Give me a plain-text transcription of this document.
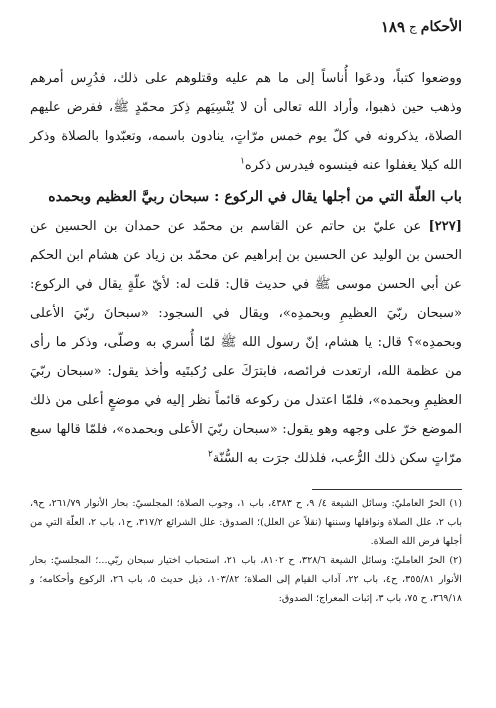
الأحكام
ج
١٨٩

ووضعوا كتباً، ودعَوا أُناساً إلى ما هم عليه وقتلوهم على ذلك، فدُرِس أمرهم وذهب حين ذهبوا، وأراد الله تعالى أن لا يُنْسِيَهم ذِكرَ محمّدٍ ﷺ، ففرض عليهم الصلاة، يذكرونه في كلّ يوم خمس مرّاتٍ، ينادون باسمه، وتعبّدوا بالصلاة وذكر الله كيلا يغفلوا عنه فينسوه فيدرس ذكره$^١$

باب العلّة التي من أجلها يقال في الركوع : سبحان ربيَّ العظيم وبحمده

[٢٢٧] عن عليّ بن حاتم عن القاسم بن محمّد عن حمدان بن الحسين عن الحسن بن الوليد عن الحسين بن إبراهيم عن محمّد بن زياد عن هشام ابن الحكم عن أبي الحسن موسى ﷺ في حديث قال: قلت له: لأيّ علّةٍ يقال في الركوع: «سبحان ربّيَ العظيمِ وبحمدِه»، ويقال في السجود: «سبحانَ ربّيَ الأعلى وبحمدِه»؟ قال: يا هشام، إنّ رسول الله ﷺ لمّا أُسري به وصلّى، وذكر ما رأى من عظمة الله، ارتعدت فرائصه، فابترَكَ على رُكبتَيه وأخذ يقول: «سبحان ربّيَ العظيمِ وبحمده»، فلمّا اعتدل من ركوعه قائماً نظر إليه في موضعٍ أعلى من ذلك الموضع خرّ على وجهه وهو يقول: «سبحان ربّيَ الأعلى وبحمده»، فلمّا قالها سبع مرّاتٍ سكن ذلك الرُّعب، فلذلك جرَت به السُّنّة$^٢$

(١) الحرّ العامليّ: وسائل الشيعة ٤/ ٩، ح ٤٣٨٣، باب ١، وجوب الصلاة؛ المجلسيّ: بحار الأنوار ٢٦١/٧٩، ح٩، باب ٢، علل الصلاة ونوافلها وسننها (نقلاً عن العلل)؛ الصدوق: علل الشرائع ٣١٧/٢، ح١، باب ٢، العلّة التي من أجلها فرض الله الصلاة.

(٢) الحرّ العامليّ: وسائل الشيعة ٣٢٨/٦، ح ٨١٠٢، باب ٢١، استحباب اختيار سبحان ربّي...؛ المجلسيّ: بحار الأنوار ٣٥٥/٨١، ح٤، باب ٢٢، آداب القيام إلى الصلاة؛ ١٠٣/٨٢، ذيل حديث ٥، باب ٢٦، الركوع وأحكامه؛ و ٣٦٩/١٨، ح ٧٥، باب ٣، إثبات المعراج؛ الصدوق:
